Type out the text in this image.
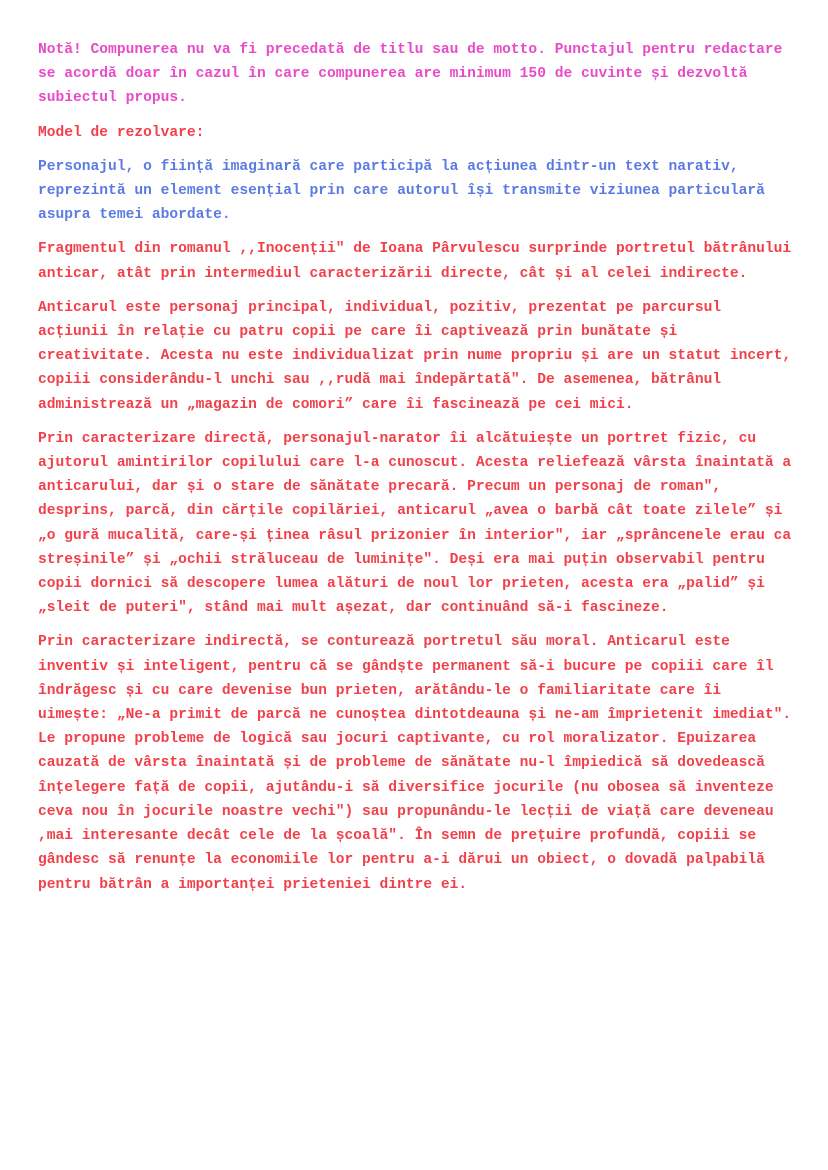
Notă! Compunerea nu va fi precedată de titlu sau de motto. Punctajul pentru redactare se acordă doar în cazul în care compunerea are minimum 150 de cuvinte și dezvoltă subiectul propus.

Model de rezolvare:

Personajul, o ființă imaginară care participă la acțiunea dintr-un text narativ, reprezintă un element esențial prin care autorul își transmite viziunea particulară asupra temei abordate.

Fragmentul din romanul ,,Inocenții" de Ioana Pârvulescu surprinde portretul bătrânului anticar, atât prin intermediul caracterizării directe, cât și al celei indirecte.

Anticarul este personaj principal, individual, pozitiv, prezentat pe parcursul acțiunii în relație cu patru copii pe care îi captivează prin bunătate și creativitate. Acesta nu este individualizat prin nume propriu și are un statut incert, copiii considerându-l unchi sau ,,rudă mai îndepărtată". De asemenea, bătrânul administrează un „magazin de comori” care îi fascinează pe cei mici.

Prin caracterizare directă, personajul-narator îi alcătuiește un portret fizic, cu ajutorul amintirilor copilului care l-a cunoscut. Acesta reliefează vârsta înaintată a anticarului, dar și o stare de sănătate precară. Precum un personaj de roman", desprins, parcă, din cărțile copilăriei, anticarul „avea o barbă cât toate zilele” și „o gură mucalită, care-și ținea râsul prizonier în interior", iar „sprâncenele erau ca streșinile” și „ochii străluceau de luminițe". Deși era mai puțin observabil pentru copii dornici să descopere lumea alături de noul lor prieten, acesta era „palid” și „sleit de puteri", stând mai mult așezat, dar continuând să-i fascineze.

Prin caracterizare indirectă, se conturează portretul său moral. Anticarul este inventiv și inteligent, pentru că se gândște permanent să-i bucure pe copiii care îl îndrăgesc și cu care devenise bun prieten, arătându-le o familiaritate care îi uimește: „Ne-a primit de parcă ne cunoștea dintotdeauna și ne-am împrietenit imediat". Le propune probleme de logică sau jocuri captivante, cu rol moralizator. Epuizarea cauzată de vârsta înaintată și de probleme de sănătate nu-l împiedică să dovedească înțelegere față de copii, ajutându-i să diversifice jocurile (nu obosea să inventeze ceva nou în jocurile noastre vechi") sau propunându-le lecții de viață care deveneau ,mai interesante decât cele de la școală". În semn de prețuire profundă, copiii se gândesc să renunțe la economiile lor pentru a-i dărui un obiect, o dovadă palpabilă pentru bătrân a importanței prieteniei dintre ei.
